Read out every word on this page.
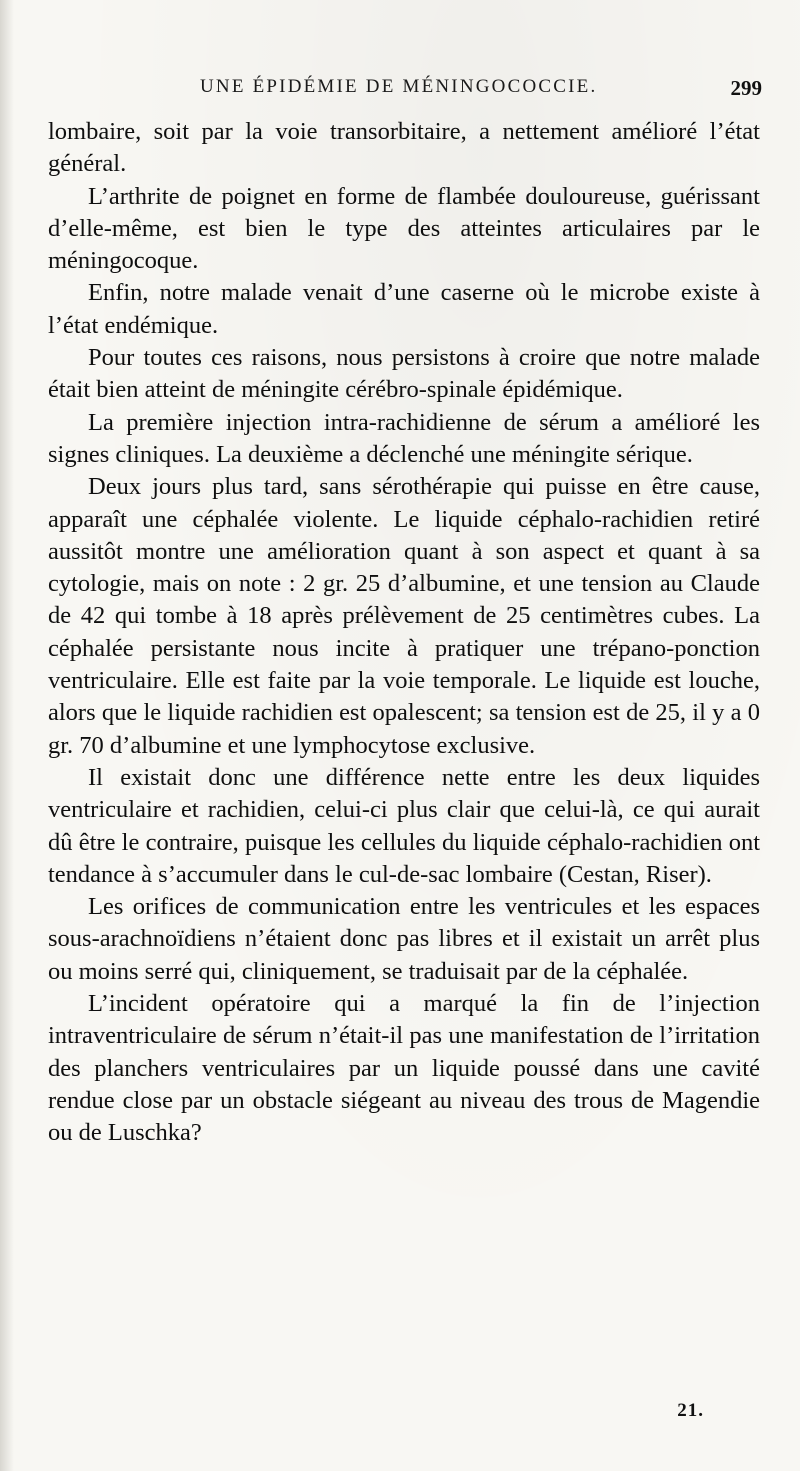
UNE ÉPIDÉMIE DE MÉNINGOCOCCIE.	299

lombaire, soit par la voie transorbitaire, a nettement amélioré l’état général.

L’arthrite de poignet en forme de flambée douloureuse, guérissant d’elle-même, est bien le type des atteintes articulaires par le méningocoque.

Enfin, notre malade venait d’une caserne où le microbe existe à l’état endémique.

Pour toutes ces raisons, nous persistons à croire que notre malade était bien atteint de méningite cérébro-spinale épidémique.

La première injection intra-rachidienne de sérum a amélioré les signes cliniques. La deuxième a déclenché une méningite sérique.

Deux jours plus tard, sans sérothérapie qui puisse en être cause, apparaît une céphalée violente. Le liquide céphalo-rachidien retiré aussitôt montre une amélioration quant à son aspect et quant à sa cytologie, mais on note : 2 gr. 25 d’albumine, et une tension au Claude de 42 qui tombe à 18 après prélèvement de 25 centimètres cubes. La céphalée persistante nous incite à pratiquer une trépano-ponction ventriculaire. Elle est faite par la voie temporale. Le liquide est louche, alors que le liquide rachidien est opalescent; sa tension est de 25, il y a 0 gr. 70 d’albumine et une lymphocytose exclusive.

Il existait donc une différence nette entre les deux liquides ventriculaire et rachidien, celui-ci plus clair que celui-là, ce qui aurait dû être le contraire, puisque les cellules du liquide céphalo-rachidien ont tendance à s’accumuler dans le cul-de-sac lombaire (Cestan, Riser).

Les orifices de communication entre les ventricules et les espaces sous-arachnoïdiens n’étaient donc pas libres et il existait un arrêt plus ou moins serré qui, cliniquement, se traduisait par de la céphalée.

L’incident opératoire qui a marqué la fin de l’injection intraventriculaire de sérum n’était-il pas une manifestation de l’irritation des planchers ventriculaires par un liquide poussé dans une cavité rendue close par un obstacle siégeant au niveau des trous de Magendie ou de Luschka?

21.
